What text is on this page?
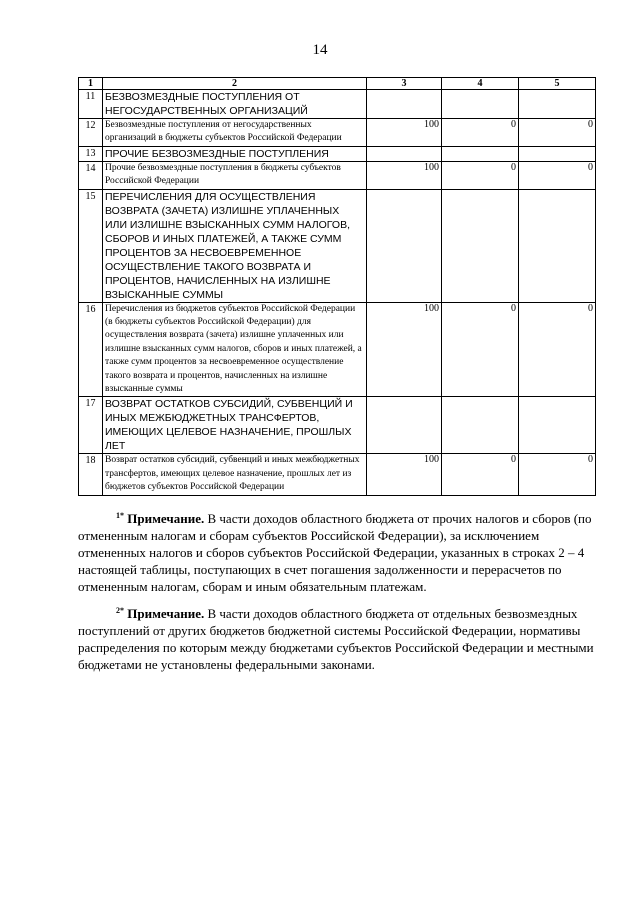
14
1	2	3	4	5
11	БЕЗВОЗМЕЗДНЫЕ ПОСТУПЛЕНИЯ ОТ НЕГОСУДАРСТВЕННЫХ ОРГАНИЗАЦИЙ			
12	Безвозмездные поступления от негосударственных организаций в бюджеты субъектов Российской Федерации	100	0	0
13	ПРОЧИЕ БЕЗВОЗМЕЗДНЫЕ ПОСТУПЛЕНИЯ			
14	Прочие безвозмездные поступления в бюджеты субъектов Российской Федерации	100	0	0
15	ПЕРЕЧИСЛЕНИЯ ДЛЯ ОСУЩЕСТВЛЕНИЯ ВОЗВРАТА (ЗАЧЕТА) ИЗЛИШНЕ УПЛАЧЕННЫХ ИЛИ ИЗЛИШНЕ ВЗЫСКАННЫХ СУММ НАЛОГОВ, СБОРОВ И ИНЫХ ПЛАТЕЖЕЙ, А ТАКЖЕ СУММ ПРОЦЕНТОВ ЗА НЕСВОЕВРЕМЕННОЕ ОСУЩЕСТВЛЕНИЕ ТАКОГО ВОЗВРАТА И ПРОЦЕНТОВ, НАЧИСЛЕННЫХ НА ИЗЛИШНЕ ВЗЫСКАННЫЕ СУММЫ			
16	Перечисления из бюджетов субъектов Российской Федерации (в бюджеты субъектов Российской Федерации) для осуществления возврата (зачета) излишне уплаченных или излишне взысканных сумм налогов, сборов и иных платежей, а также сумм процентов за несвоевременное осуществление такого возврата и процентов, начисленных на излишне взысканные суммы	100	0	0
17	ВОЗВРАТ ОСТАТКОВ СУБСИДИЙ, СУБВЕНЦИЙ И ИНЫХ МЕЖБЮДЖЕТНЫХ ТРАНСФЕРТОВ, ИМЕЮЩИХ ЦЕЛЕВОЕ НАЗНАЧЕНИЕ, ПРОШЛЫХ ЛЕТ			
18	Возврат остатков субсидий, субвенций и иных межбюджетных трансфертов, имеющих целевое назначение, прошлых лет из бюджетов субъектов Российской Федерации	100	0	0

$^{1*}$ Примечание. В части доходов областного бюджета от прочих налогов и сборов (по отмененным налогам и сборам субъектов Российской Федерации), за исключением отмененных налогов и сборов субъектов Российской Федерации, указанных в строках 2 – 4 настоящей таблицы, поступающих в счет погашения задолженности и перерасчетов по отмененным налогам, сборам и иным обязательным платежам.

$^{2*}$ Примечание. В части доходов областного бюджета от отдельных безвозмездных поступлений от других бюджетов бюджетной системы Российской Федерации, нормативы распределения по которым между бюджетами субъектов Российской Федерации и местными бюджетами не установлены федеральными законами.
